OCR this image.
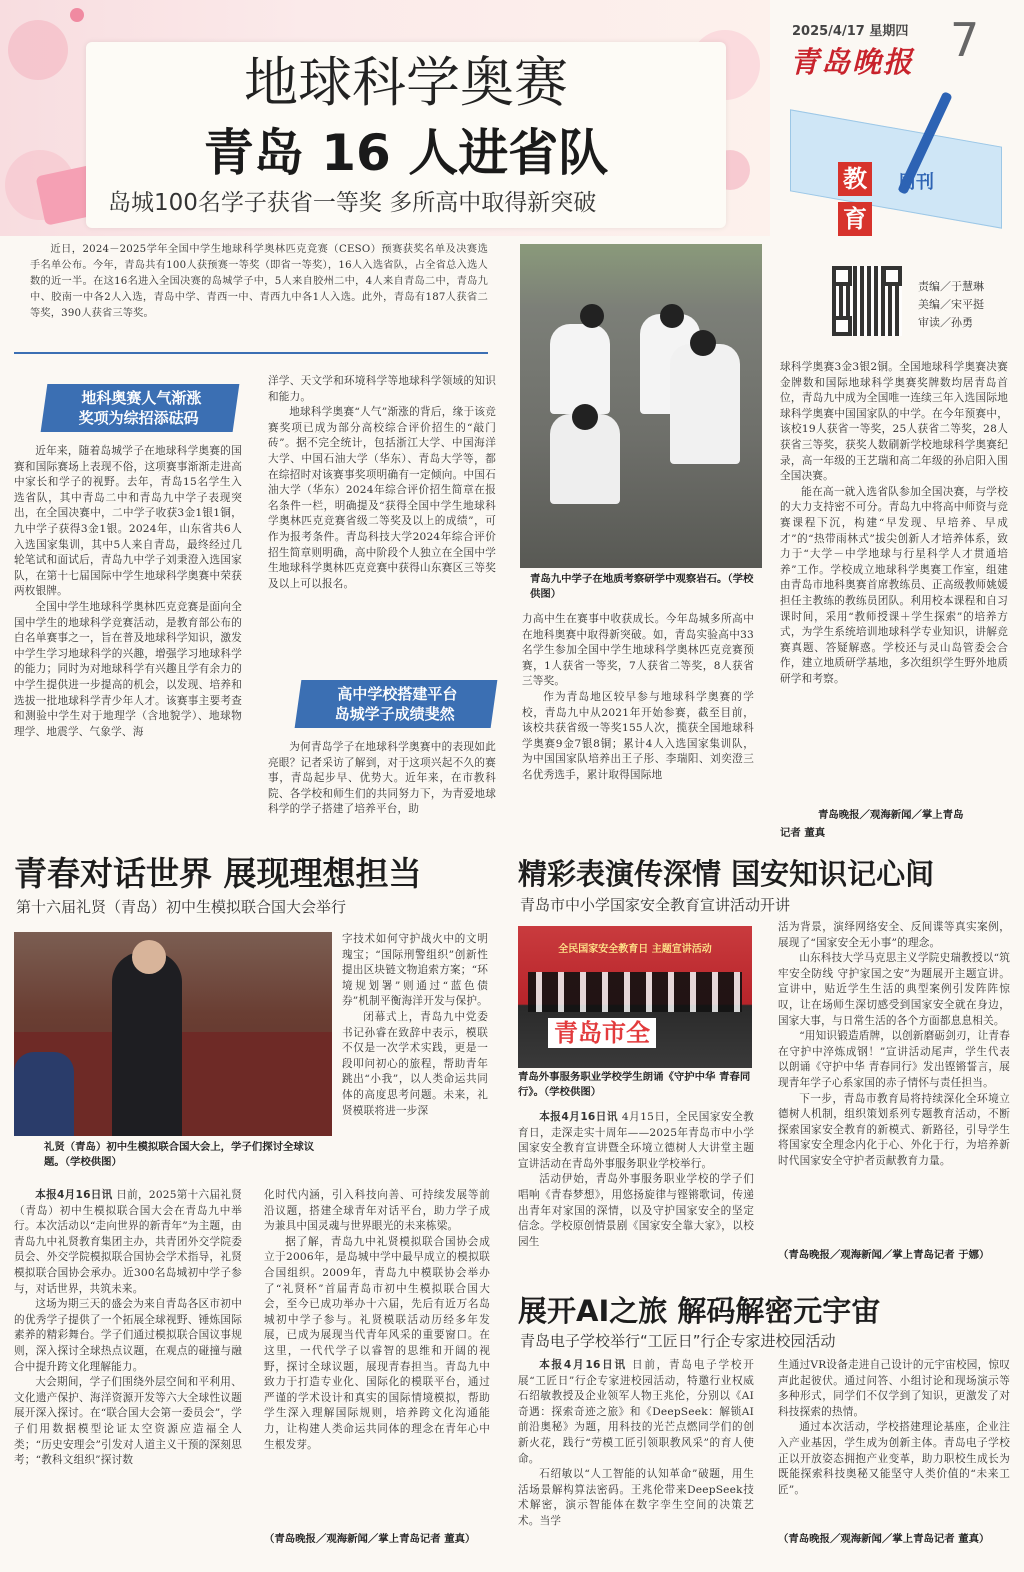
地球科学奥赛
青岛 16 人进省队
岛城100名学子获省一等奖 多所高中取得新突破
2025/4/17 星期四 7
青岛晚报
教
育
周刊
责编／于慧琳
美编／宋平挺
审读／孙勇

近日，2024－2025学年全国中学生地球科学奥林匹克竞赛（CESO）预赛获奖名单及决赛选手名单公布。今年，青岛共有100人获预赛一等奖（即省一等奖），16人入选省队，占全省总入选人数的近一半。在这16名进入全国决赛的岛城学子中，5人来自胶州二中，4人来自青岛二中，青岛九中、胶南一中各2人入选，青岛中学、青西一中、青西九中各1人入选。此外，青岛有187人获省二等奖，390人获省三等奖。

地科奥赛人气渐涨
奖项为综招添砝码

近年来，随着岛城学子在地球科学奥赛的国赛和国际赛场上表现不俗，这项赛事渐渐走进高中家长和学子的视野。去年，青岛15名学生入选省队，其中青岛二中和青岛九中学子表现突出，在全国决赛中，二中学子收获3金1银1铜，九中学子获得3金1银。2024年，山东省共6人入选国家集训，其中5人来自青岛，最终经过几轮笔试和面试后，青岛九中学子刘秉澄入选国家队，在第十七届国际中学生地球科学奥赛中荣获两枚银牌。

全国中学生地球科学奥林匹克竞赛是面向全国中学生的地球科学竞赛活动，是教育部公布的白名单赛事之一，旨在普及地球科学知识，激发中学生学习地球科学的兴趣，增强学习地球科学的能力；同时为对地球科学有兴趣且学有余力的中学生提供进一步提高的机会，以发现、培养和选拔一批地球科学青少年人才。该赛事主要考查和测验中学生对于地理学（含地貌学）、地球物理学、地震学、气象学、海

洋学、天文学和环境科学等地球科学领域的知识和能力。

地球科学奥赛“人气”渐涨的背后，缘于该竞赛奖项已成为部分高校综合评价招生的“敲门砖”。据不完全统计，包括浙江大学、中国海洋大学、中国石油大学（华东）、青岛大学等，都在综招时对该赛事奖项明确有一定倾向。中国石油大学（华东）2024年综合评价招生简章在报名条件一栏，明确提及“获得全国中学生地球科学奥林匹克竞赛省级二等奖及以上的成绩”，可作为报考条件。青岛科技大学2024年综合评价招生简章则明确，高中阶段个人独立在全国中学生地球科学奥林匹克竞赛中获得山东赛区三等奖及以上可以报名。

高中学校搭建平台
岛城学子成绩斐然

为何青岛学子在地球科学奥赛中的表现如此亮眼？记者采访了解到，对于这项兴起不久的赛事，青岛起步早、优势大。近年来，在市教科院、各学校和师生们的共同努力下，为青爱地球科学的学子搭建了培养平台，助

青岛九中学子在地质考察研学中观察岩石。（学校供图）

力高中生在赛事中收获成长。今年岛城多所高中在地科奥赛中取得新突破。如，青岛实验高中33名学生参加全国中学生地球科学奥林匹克竞赛预赛，1人获省一等奖，7人获省二等奖，8人获省三等奖。

作为青岛地区较早参与地球科学奥赛的学校，青岛九中从2021年开始参赛，截至目前，该校共获省级一等奖155人次，揽获全国地球科学奥赛9金7银8铜；累计4人入选国家集训队，为中国国家队培养出王子彤、李瑞阳、刘奕澄三名优秀选手，累计取得国际地

球科学奥赛3金3银2铜。全国地球科学奥赛决赛金牌数和国际地球科学奥赛奖牌数均居青岛首位，青岛九中成为全国唯一连续三年入选国际地球科学奥赛中国国家队的中学。在今年预赛中，该校19人获省一等奖，25人获省二等奖，28人获省三等奖，获奖人数刷新学校地球科学奥赛纪录，高一年级的王艺瑞和高二年级的孙启阳入围全国决赛。

能在高一就入选省队参加全国决赛，与学校的大力支持密不可分。青岛九中将高中师资与竞赛课程下沉，构建“早发现、早培养、早成才”的“热带雨林式”拔尖创新人才培养体系，致力于“大学－中学地球与行星科学人才贯通培养”工作。学校成立地球科学奥赛工作室，组建由青岛市地科奥赛首席教练员、正高级教师姚媛担任主教练的教练员团队。利用校本课程和自习课时间，采用“教师授课＋学生探索”的培养方式，为学生系统培训地球科学专业知识，讲解竞赛真题、答疑解惑。学校还与灵山岛管委会合作，建立地质研学基地，多次组织学生野外地质研学和考察。

青岛晚报／观海新闻／掌上青岛
记者 董真
青春对话世界 展现理想担当
第十六届礼贤（青岛）初中生模拟联合国大会举行
礼贤（青岛）初中生模拟联合国大会上，学子们探讨全球议题。（学校供图）

字技术如何守护战火中的文明瑰宝；“国际刑警组织”创新性提出区块链文物追索方案；“环境规划署”则通过“蓝色债券”机制平衡海洋开发与保护。

闭幕式上，青岛九中党委书记孙睿在致辞中表示，模联不仅是一次学术实践，更是一段叩问初心的旅程，帮助青年跳出“小我”，以人类命运共同体的高度思考问题。未来，礼贤模联将进一步深

本报4月16日讯 日前，2025第十六届礼贤（青岛）初中生模拟联合国大会在青岛九中举行。本次活动以“走向世界的新青年”为主题，由青岛九中礼贤教育集团主办，共青团外交学院委员会、外交学院模拟联合国协会学术指导，礼贤模拟联合国协会承办。近300名岛城初中学子参与，对话世界，共筑未来。

这场为期三天的盛会为来自青岛各区市初中的优秀学子提供了一个拓展全球视野、锤炼国际素养的精彩舞台。学子们通过模拟联合国议事规则，深入探讨全球热点议题，在观点的碰撞与融合中提升跨文化理解能力。

大会期间，学子们围绕外层空间和平利用、文化遗产保护、海洋资源开发等六大全球性议题展开深入探讨。在“联合国大会第一委员会”，学子们用数据模型论证太空资源应造福全人类；“历史安理会”引发对人道主义干预的深刻思考；“教科文组织”探讨数

化时代内涵，引入科技向善、可持续发展等前沿议题，搭建全球青年对话平台，助力学子成为兼具中国灵魂与世界眼光的未来栋梁。

据了解，青岛九中礼贤模拟联合国协会成立于2006年，是岛城中学中最早成立的模拟联合国组织。2009年，青岛九中模联协会举办了“礼贤杯”首届青岛市初中生模拟联合国大会，至今已成功举办十六届，先后有近万名岛城初中学子参与。礼贤模联活动历经多年发展，已成为展现当代青年风采的重要窗口。在这里，一代代学子以睿智的思维和开阔的视野，探讨全球议题，展现青春担当。青岛九中致力于打造专业化、国际化的模联平台，通过严谨的学术设计和真实的国际情境模拟，帮助学生深入理解国际规则，培养跨文化沟通能力，让构建人类命运共同体的理念在青年心中生根发芽。

（青岛晚报／观海新闻／掌上青岛记者 董真）
精彩表演传深情 国安知识记心间
青岛市中小学国家安全教育宣讲活动开讲
全民国家安全教育日 主题宣讲活动
青岛市全
青岛外事服务职业学校学生朗诵《守护中华 青春同行》。（学校供图）

本报4月16日讯 4月15日，全民国家安全教育日，走深走实十周年——2025年青岛市中小学国家安全教育宣讲暨全环境立德树人大讲堂主题宣讲活动在青岛外事服务职业学校举行。

活动伊始，青岛外事服务职业学校的学子们唱响《青春梦想》，用悠扬旋律与铿锵歌词，传递出青年对家国的深情，以及守护国家安全的坚定信念。学校原创情景剧《国家安全靠大家》，以校园生

活为背景，演绎网络安全、反间谍等真实案例，展现了“国家安全无小事”的理念。

山东科技大学马克思主义学院史瑞教授以“筑牢安全防线 守护家国之安”为题展开主题宣讲。宣讲中，贴近学生生活的典型案例引发阵阵惊叹，让在场师生深切感受到国家安全就在身边，国家大事，与日常生活的各个方面都息息相关。

“用知识锻造盾牌，以创新磨砺剑刃，让青春在守护中淬炼成钢！”宣讲活动尾声，学生代表以朗诵《守护中华 青春同行》发出铿锵誓言，展现青年学子心系家国的赤子情怀与责任担当。

下一步，青岛市教育局将持续深化全环境立德树人机制，组织策划系列专题教育活动，不断探索国家安全教育的新模式、新路径，引导学生将国家安全理念内化于心、外化于行，为培养新时代国家安全守护者贡献教育力量。

（青岛晚报／观海新闻／掌上青岛记者 于娜）
展开AI之旅 解码解密元宇宙
青岛电子学校举行“工匠日”行企专家进校园活动

本报4月16日讯 日前，青岛电子学校开展“工匠日”行企专家进校园活动，特邀行业权威石绍敏教授及企业领军人物王兆伦，分别以《AI奇遇：探索奇迹之旅》和《DeepSeek：解锁AI前沿奥秘》为题，用科技的光芒点燃同学们的创新火花，践行“劳模工匠引领职教风采”的育人使命。

石绍敏以“人工智能的认知革命”破题，用生活场景解构算法密码。王兆伦带来DeepSeek技术解密，演示智能体在数字孪生空间的决策艺术。当学

生通过VR设备走进自己设计的元宇宙校园，惊叹声此起彼伏。通过问答、小组讨论和现场演示等多种形式，同学们不仅学到了知识，更激发了对科技探索的热情。

通过本次活动，学校搭建理论基座，企业注入产业基因，学生成为创新主体。青岛电子学校正以开放姿态拥抱产业变革，助力职校生成长为既能探索科技奥秘又能坚守人类价值的“未来工匠”。

（青岛晚报／观海新闻／掌上青岛记者 董真）
